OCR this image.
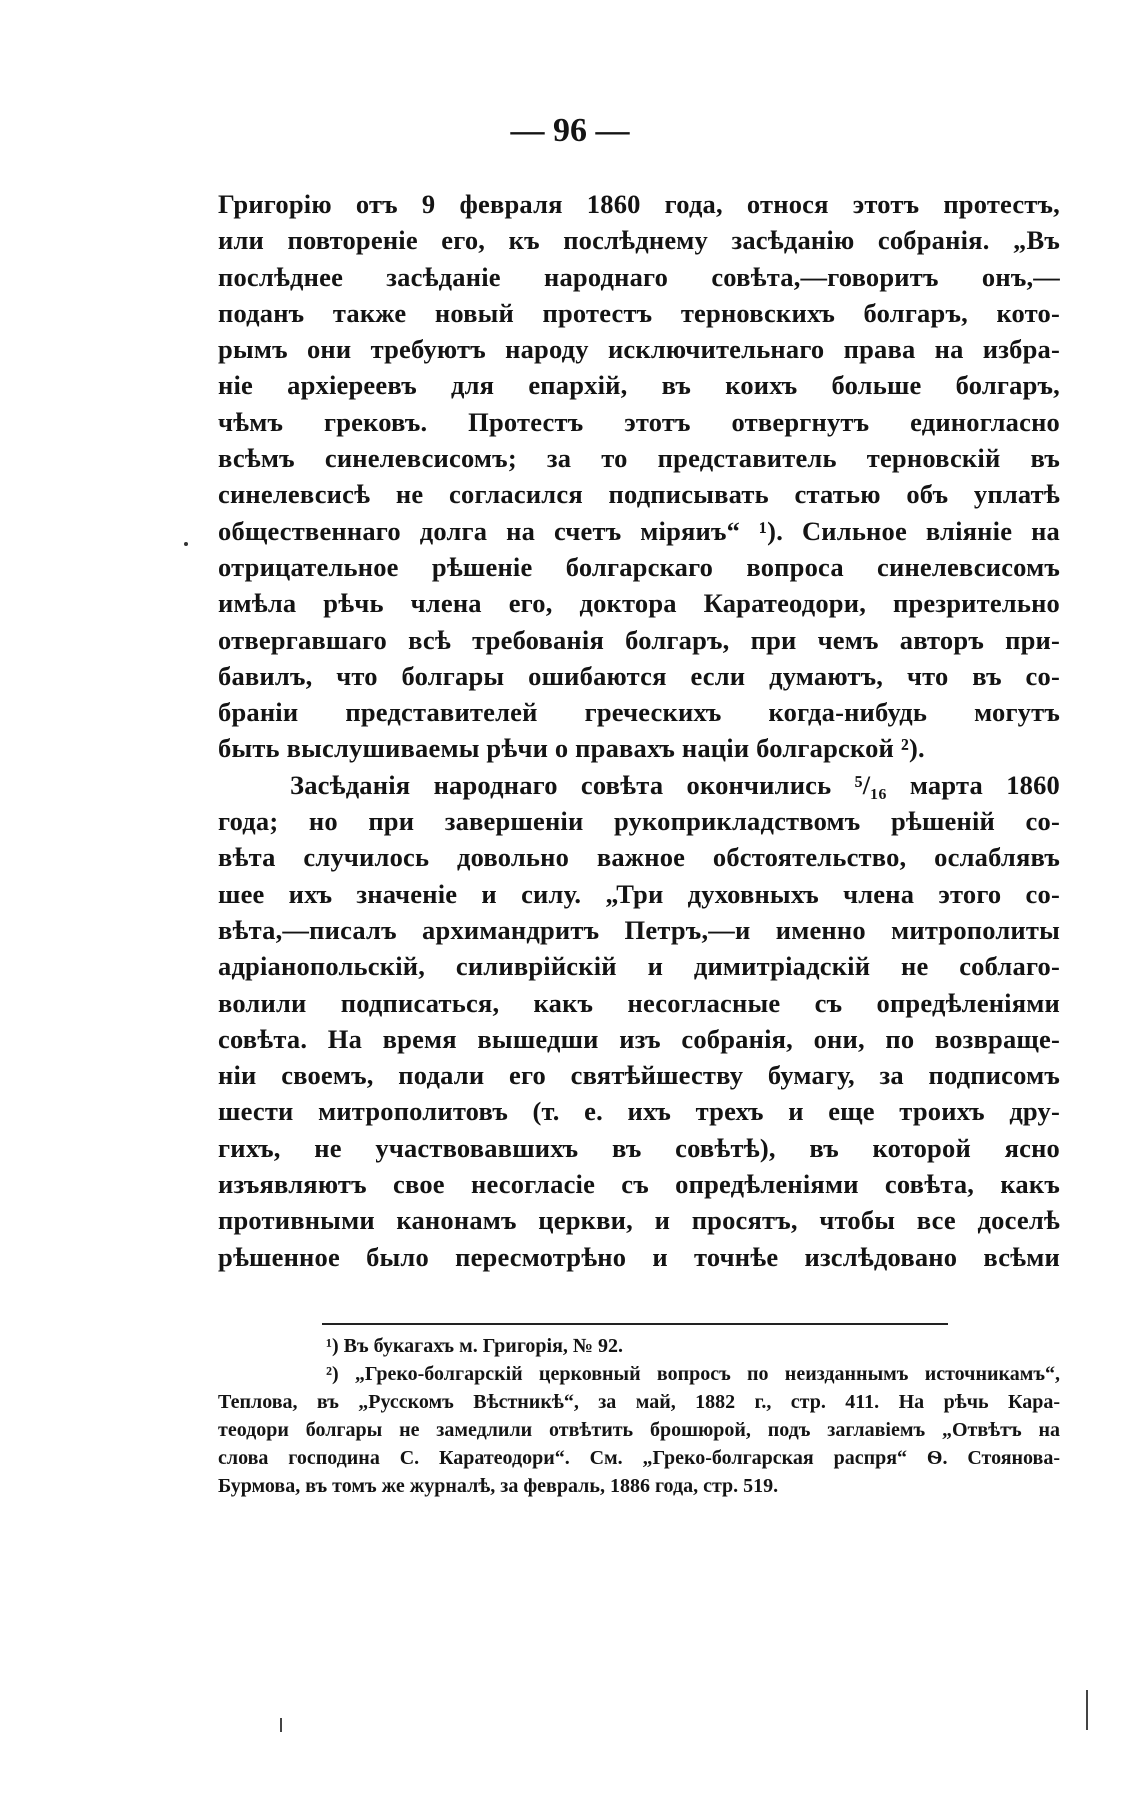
— 96 —
Григорію отъ 9 февраля 1860 года, относя этотъ протестъ,
или повтореніе его, къ послѣднему засѣданію собранія. „Въ
послѣднее засѣданіе народнаго совѣта,—говоритъ онъ,—
поданъ также новый протестъ терновскихъ болгаръ, кото-
рымъ они требуютъ народу исключительнаго права на избра-
ніе архіереевъ для епархій, въ коихъ больше болгаръ,
чѣмъ грековъ. Протестъ этотъ отвергнутъ единогласно
всѣмъ синелевсисомъ; за то представитель терновскій въ
синелевсисѣ не согласился подписывать статью объ уплатѣ
общественнаго долга на счетъ міряиъ“ ¹). Сильное вліяніе на
отрицательное рѣшеніе болгарскаго вопроса синелевсисомъ
имѣла рѣчь члена его, доктора Каратеодори, презрительно
отвергавшаго всѣ требованія болгаръ, при чемъ авторъ при-
бавилъ, что болгары ошибаются если думаютъ, что въ со-
браніи представителей греческихъ когда-нибудь могутъ
быть выслушиваемы рѣчи о правахъ націи болгарской ²).
Засѣданія народнаго совѣта окончились ⁵/₁₆ марта 1860
года; но при завершеніи рукоприкладствомъ рѣшеній со-
вѣта случилось довольно важное обстоятельство, ослаблявъ
шее ихъ значеніе и силу. „Три духовныхъ члена этого со-
вѣта,—писалъ архимандритъ Петръ,—и именно митрополиты
адріанопольскій, силиврійскій и димитріадскій не соблаго-
волили подписаться, какъ несогласные съ опредѣленіями
совѣта. На время вышедши изъ собранія, они, по возвраще-
ніи своемъ, подали его святѣйшеству бумагу, за подписомъ
шести митрополитовъ (т. е. ихъ трехъ и еще троихъ дру-
гихъ, не участвовавшихъ въ совѣтѣ), въ которой ясно
изъявляютъ свое несогласіе съ опредѣленіями совѣта, какъ
противными канонамъ церкви, и просятъ, чтобы все доселѣ
рѣшенное было пересмотрѣно и точнѣе изслѣдовано всѣми
¹) Въ букагахъ м. Григорія, № 92.
²) „Греко-болгарскій церковный вопросъ по неизданнымъ источникамъ“,
Теплова, въ „Русскомъ Вѣстникѣ“, за май, 1882 г., стр. 411. На рѣчь Кара-
теодори болгары не замедлили отвѣтить брошюрой, подъ заглавіемъ „Отвѣтъ на
слова господина С. Каратеодори“. См. „Греко-болгарская распря“ Ѳ. Стоянова-
Бурмова, въ томъ же журналѣ, за февраль, 1886 года, стр. 519.
